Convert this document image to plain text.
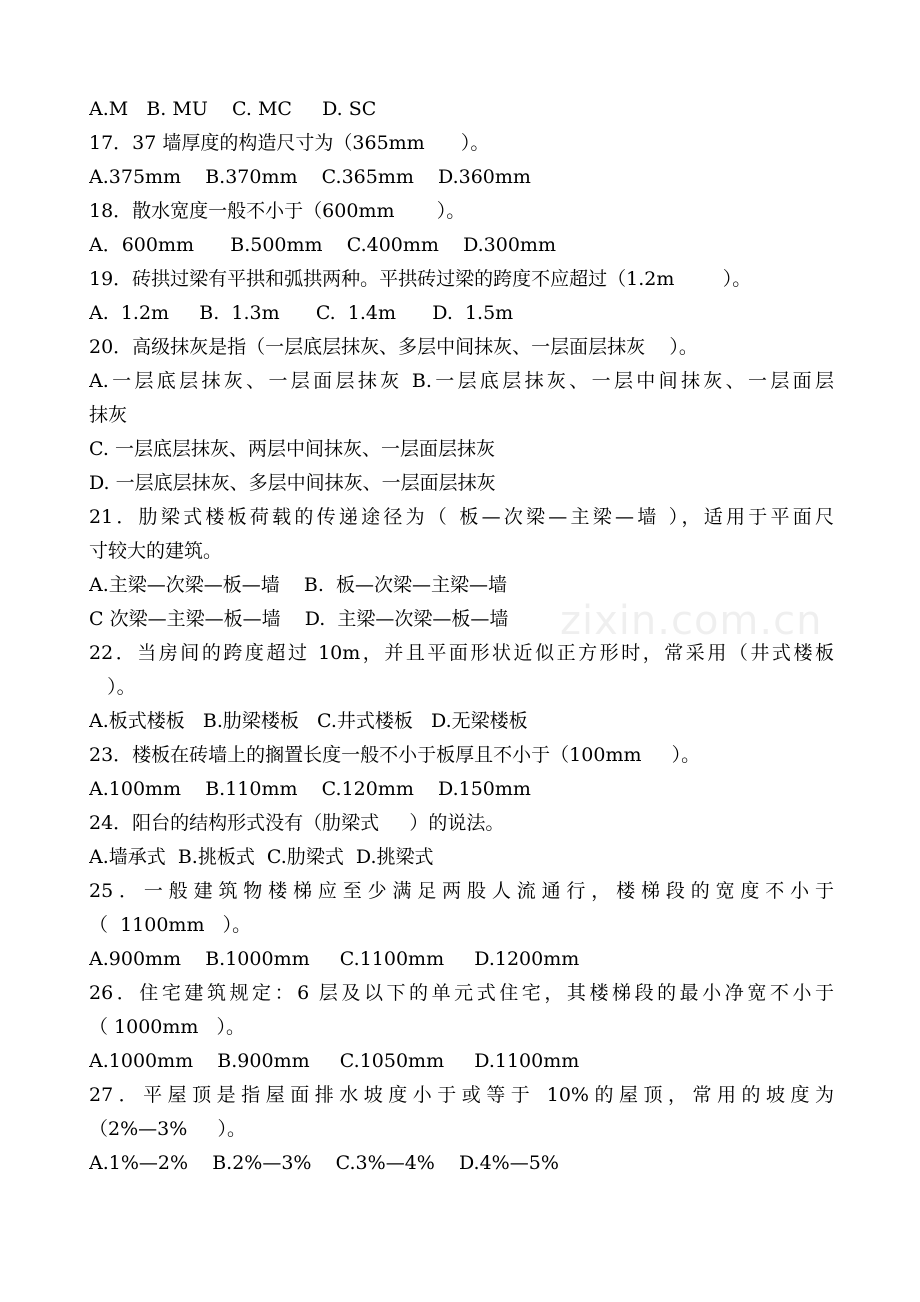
zixin.com.cn
A.M   B. MU    C. MC     D. SC
17．37 墙厚度的构造尺寸为（365mm      ）。
A.375mm    B.370mm    C.365mm    D.360mm
18．散水宽度一般不小于（600mm       ）。
A．600mm      B.500mm    C.400mm    D.300mm
19．砖拱过梁有平拱和弧拱两种。平拱砖过梁的跨度不应超过（1.2m        ）。
A.  1.2m     B.  1.3m      C.  1.4m      D.  1.5m
20．高级抹灰是指（一层底层抹灰、多层中间抹灰、一层面层抹灰    ）。
A.一层底层抹灰、一层面层抹灰 B.一层底层抹灰、一层中间抹灰、一层面层
抹灰
C. 一层底层抹灰、两层中间抹灰、一层面层抹灰
D. 一层底层抹灰、多层中间抹灰、一层面层抹灰
21．肋梁式楼板荷载的传递途径为（ 板—次梁—主梁—墙 ），适用于平面尺
寸较大的建筑。
A.主梁—次梁—板—墙    B.  板—次梁—主梁—墙
C 次梁—主梁—板—墙    D.  主梁—次梁—板—墙
22．当房间的跨度超过 10m，并且平面形状近似正方形时，常采用（井式楼板
）。
A.板式楼板   B.肋梁楼板   C.井式楼板   D.无梁楼板
23．楼板在砖墙上的搁置长度一般不小于板厚且不小于（100mm     ）。
A.100mm    B.110mm    C.120mm    D.150mm
24．阳台的结构形式没有（肋梁式     ）的说法。
A.墙承式  B.挑板式  C.肋梁式  D.挑梁式
25．一般建筑物楼梯应至少满足两股人流通行，楼梯段的宽度不小于
（  1100mm   ）。
A.900mm    B.1000mm     C.1100mm     D.1200mm
26．住宅建筑规定：6 层及以下的单元式住宅，其楼梯段的最小净宽不小于
（ 1000mm   ）。
A.1000mm    B.900mm     C.1050mm     D.1100mm
27．平屋顶是指屋面排水坡度小于或等于 10%的屋顶，常用的坡度为
（2%—3%     ）。
A.1%—2%    B.2%—3%    C.3%—4%    D.4%—5%
